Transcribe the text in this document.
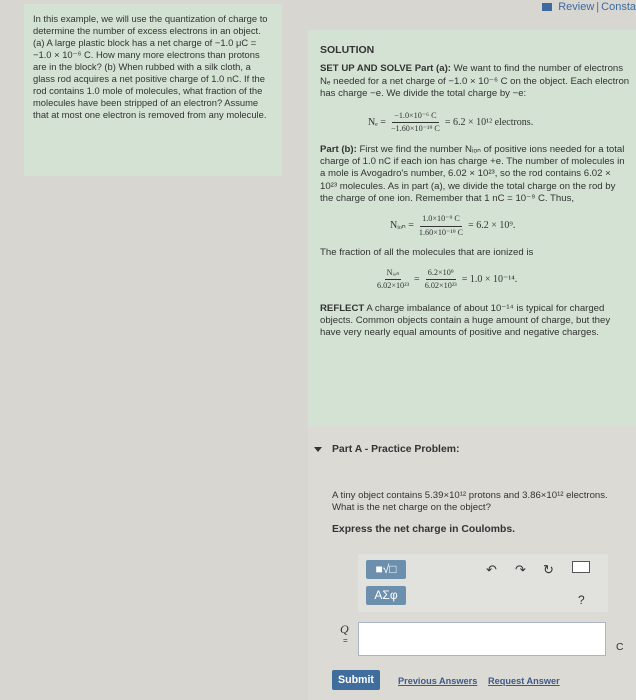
Review | Consta
In this example, we will use the quantization of charge to determine the number of excess electrons in an object. (a) A large plastic block has a net charge of −1.0 μC = −1.0 × 10⁻⁶ C. How many more electrons than protons are in the block? (b) When rubbed with a silk cloth, a glass rod acquires a net positive charge of 1.0 nC. If the rod contains 1.0 mole of molecules, what fraction of the molecules have been stripped of an electron? Assume that at most one electron is removed from any molecule.
SOLUTION
SET UP AND SOLVE Part (a): We want to find the number of electrons Nₑ needed for a net charge of −1.0 × 10⁻⁶ C on the object. Each electron has charge −e. We divide the total charge by −e:
$N_e = \frac{\text{−1.0×10⁻⁶ C}}{\text{−1.60×10⁻¹⁹ C}} = 6.2 \times 10^{12}$ electrons.
Part (b): First we find the number Nᵢₒₙ of positive ions needed for a total charge of 1.0 nC if each ion has charge +e. The number of molecules in a mole is Avogadro's number, 6.02 × 10²³, so the rod contains 6.02 × 10²³ molecules. As in part (a), we divide the total charge on the rod by the charge of one ion. Remember that 1 nC = 10⁻⁹ C. Thus,
Nᵢₒₙ = $\frac{\text{1.0×10⁻⁹ C}}{\text{1.60×10⁻¹⁹ C}} = 6.2 \times 10^9$.
The fraction of all the molecules that are ionized is
$\frac{\text{Nᵢₒₙ}}{\text{6.02×10²³}} = \frac{\text{6.2×10⁹}}{\text{6.02×10²³}} = 1.0 \times 10^{-14}$.
REFLECT A charge imbalance of about 10⁻¹⁴ is typical for charged objects. Common objects contain a huge amount of charge, but they have very nearly equal amounts of positive and negative charges.
Part A - Practice Problem:
A tiny object contains 5.39×10¹² protons and 3.86×10¹² electrons. What is the net charge on the object?
Express the net charge in Coulombs.
■√□
ΑΣφ
↶ ↷ ↻
?
Q
=
C
Submit	Previous Answers Request Answer
